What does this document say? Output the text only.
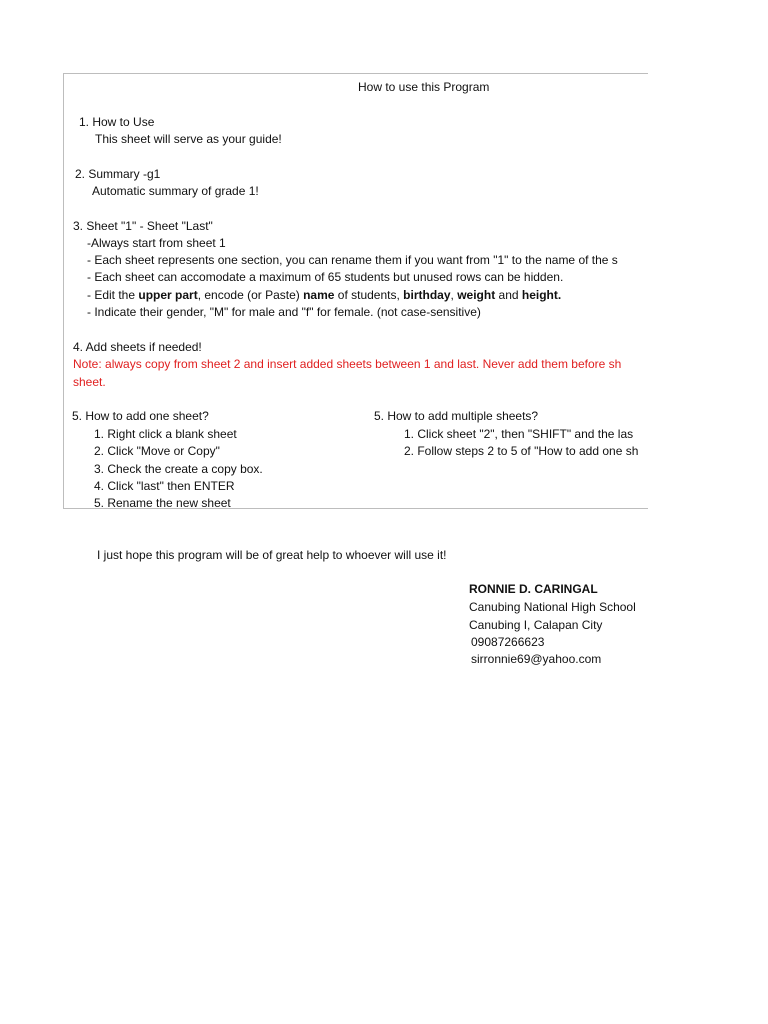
How to use this Program
1. How to Use
This sheet will serve as your guide!
2. Summary -g1
Automatic summary of grade 1!
3. Sheet "1" - Sheet "Last"
-Always start from sheet 1
- Each sheet represents one section, you can rename them if you want from "1" to the name of the s
- Each sheet can accomodate a maximum of 65 students but unused rows can be hidden.
- Edit the upper part, encode (or Paste) name of students, birthday, weight and height.
- Indicate their gender, "M" for male and "f" for female. (not case-sensitive)
4. Add sheets if needed!
Note: always copy from sheet 2 and insert added sheets between 1 and last. Never add them before sh
sheet.
5. How to add one sheet?
1. Right click a blank sheet
2. Click "Move or Copy"
3. Check the create a copy box.
4. Click "last" then ENTER
5. Rename the new sheet
5. How to add multiple sheets?
1. Click sheet "2", then "SHIFT" and the las
2. Follow steps 2 to 5 of "How to add one sh
I just hope this program will be of great help to whoever will use it!
RONNIE D. CARINGAL
Canubing National High School
Canubing I, Calapan City
09087266623
sirronnie69@yahoo.com
